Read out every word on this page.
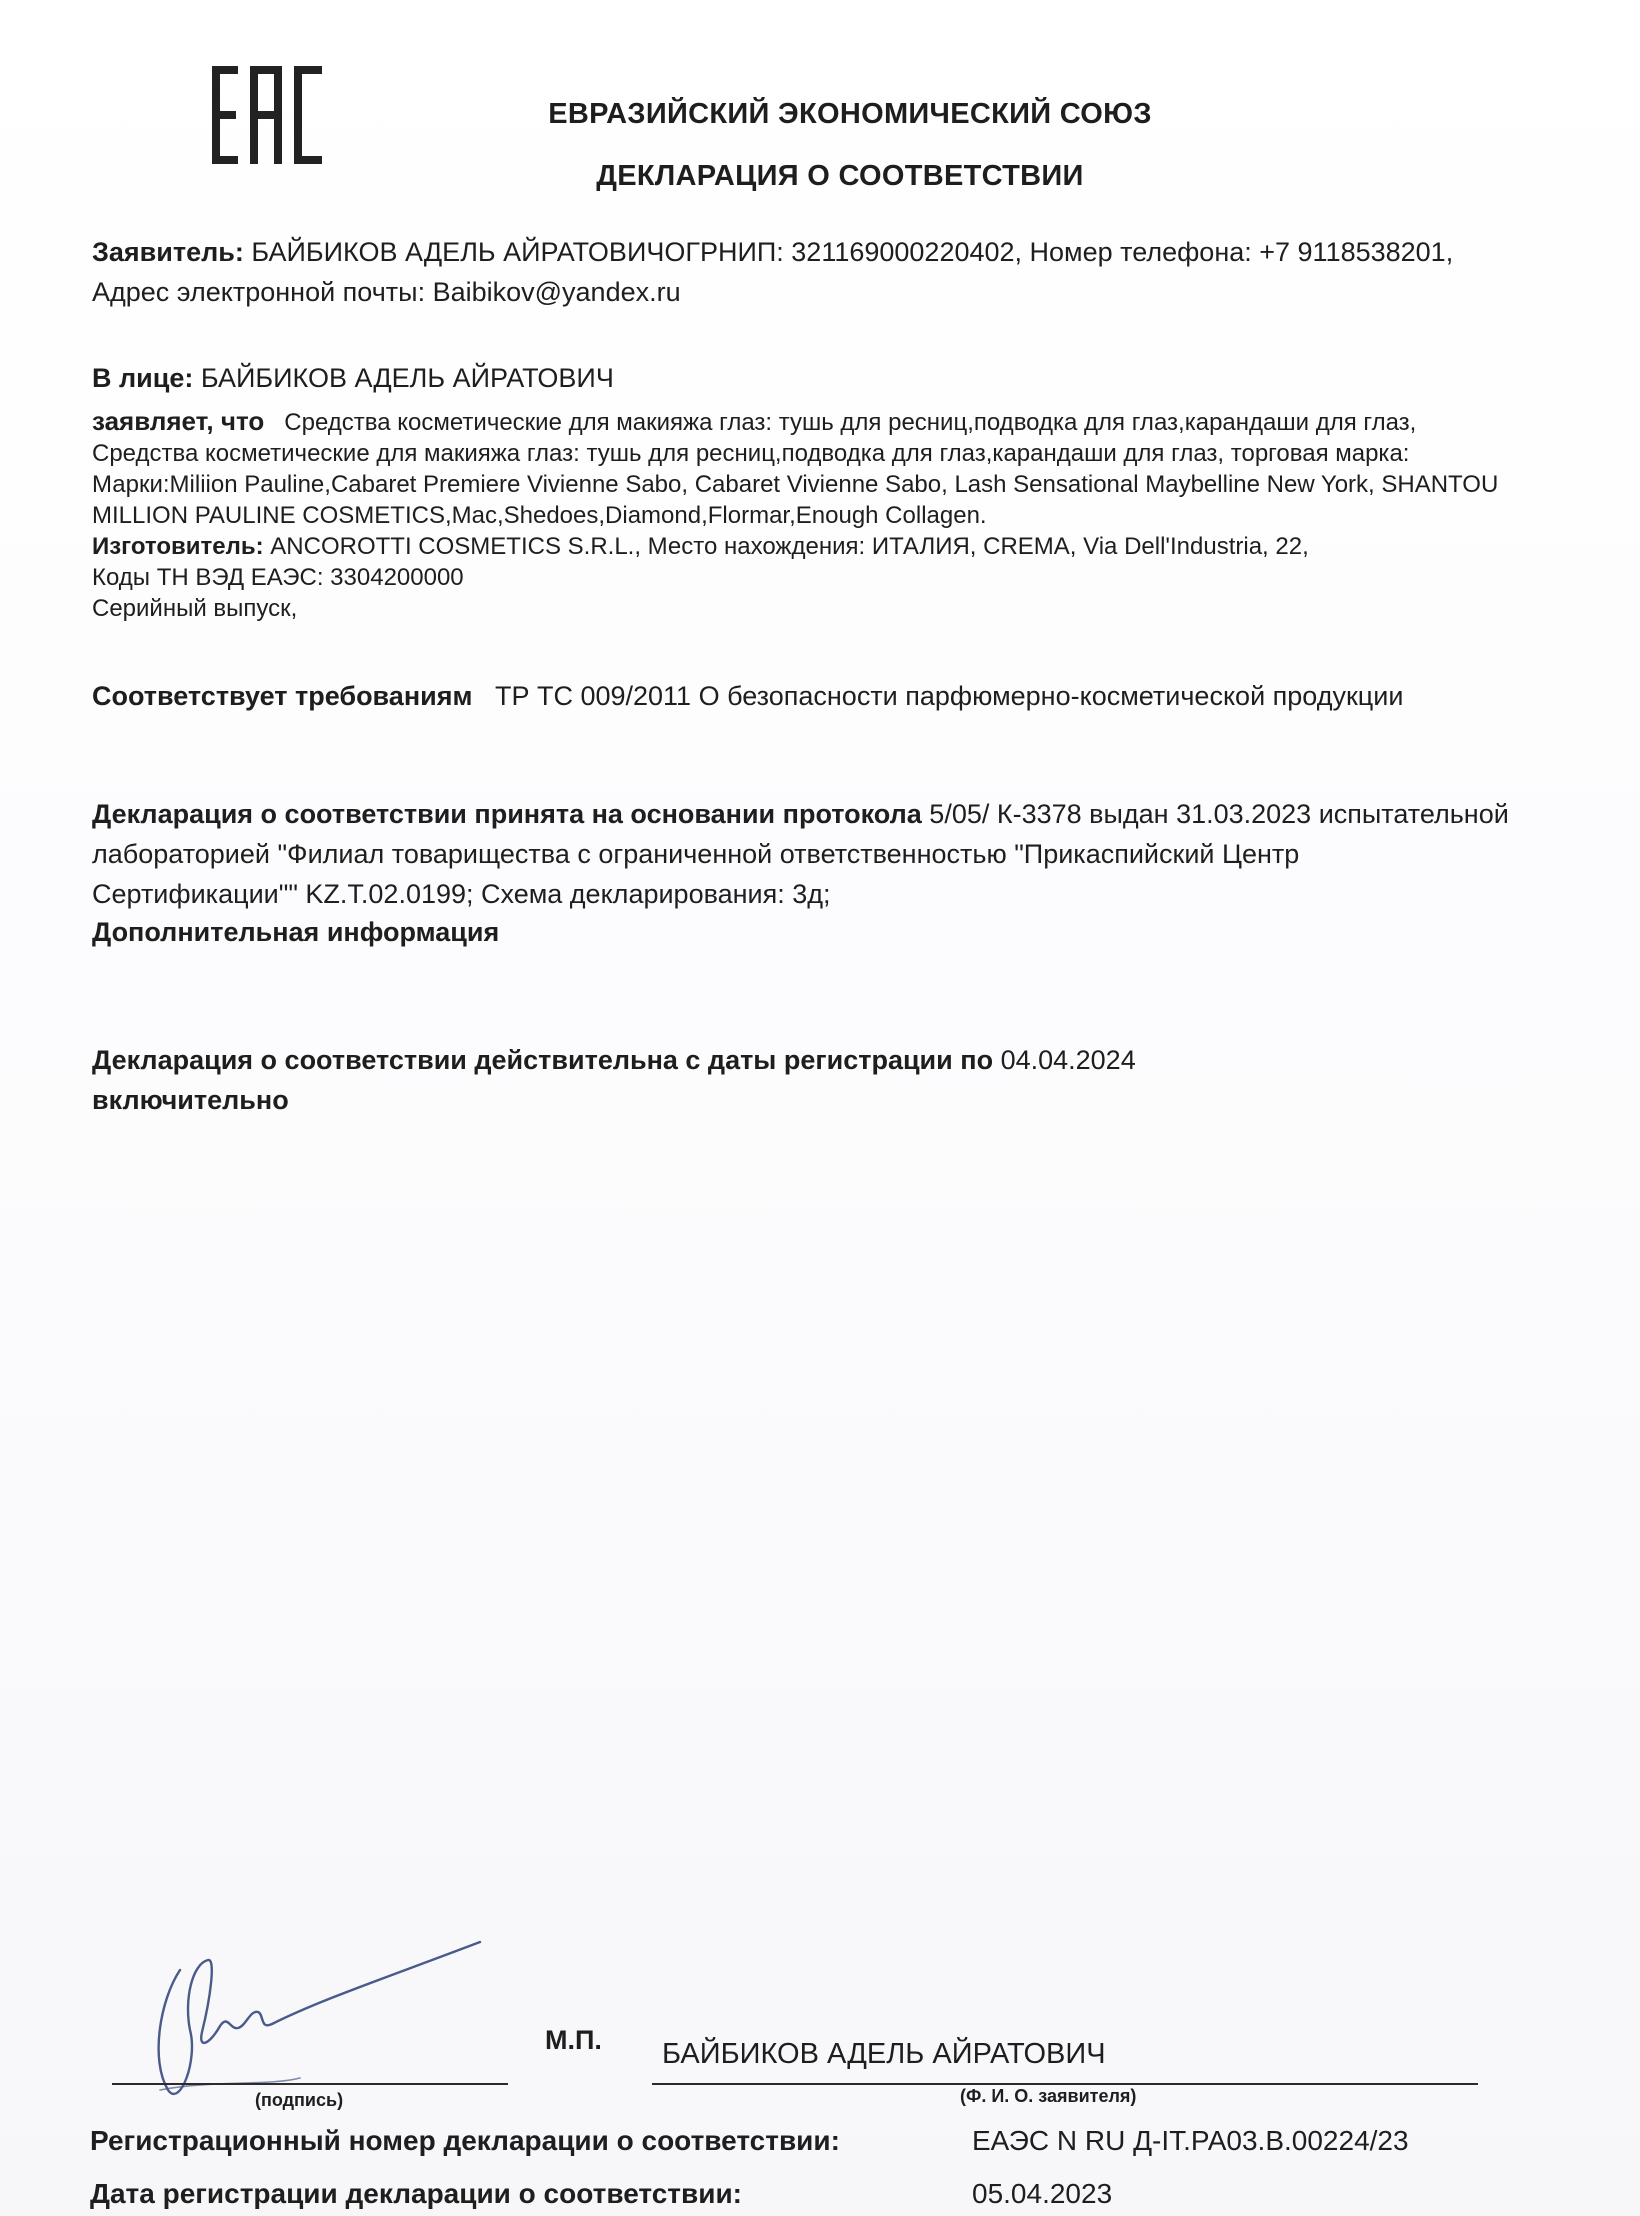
ЕВРАЗИЙСКИЙ ЭКОНОМИЧЕСКИЙ СОЮЗ
ДЕКЛАРАЦИЯ О СООТВЕТСТВИИ
Заявитель: БАЙБИКОВ АДЕЛЬ АЙРАТОВИЧОГРНИП: 321169000220402, Номер телефона: +7 9118538201, Адрес электронной почты: Baibikov@yandex.ru
В лице: БАЙБИКОВ АДЕЛЬ АЙРАТОВИЧ
заявляет, что Средства косметические для макияжа глаз: тушь для ресниц,подводка для глаз,карандаши для глаз, Средства косметические для макияжа глаз: тушь для ресниц,подводка для глаз,карандаши для глаз, торговая марка: Марки:Miliion Pauline,Cabaret Premiere Vivienne Sabo, Cabaret Vivienne Sabo, Lash Sensational Maybelline New York, SHANTOU MILLION PAULINE COSMETICS,Mac,Shedoes,Diamond,Flormar,Enough Collagen.
Изготовитель: ANCOROTTI COSMETICS S.R.L., Место нахождения: ИТАЛИЯ, CREMA, Via Dell'Industria, 22,
Коды ТН ВЭД ЕАЭС: 3304200000
Серийный выпуск,
Соответствует требованиям ТР ТС 009/2011 О безопасности парфюмерно-косметической продукции
Декларация о соответствии принята на основании протокола 5/05/ К-3378 выдан 31.03.2023 испытательной лабораторией "Филиал товарищества с ограниченной ответственностью "Прикаспийский Центр Сертификации"" KZ.T.02.0199; Схема декларирования: 3д;
Дополнительная информация
Декларация о соответствии действительна с даты регистрации по 04.04.2024
включительно
М.П. БАЙБИКОВ АДЕЛЬ АЙРАТОВИЧ
(подпись)	(Ф. И. О. заявителя)
Регистрационный номер декларации о соответствии:	ЕАЭС N RU Д-IT.РА03.В.00224/23
Дата регистрации декларации о соответствии:	05.04.2023
